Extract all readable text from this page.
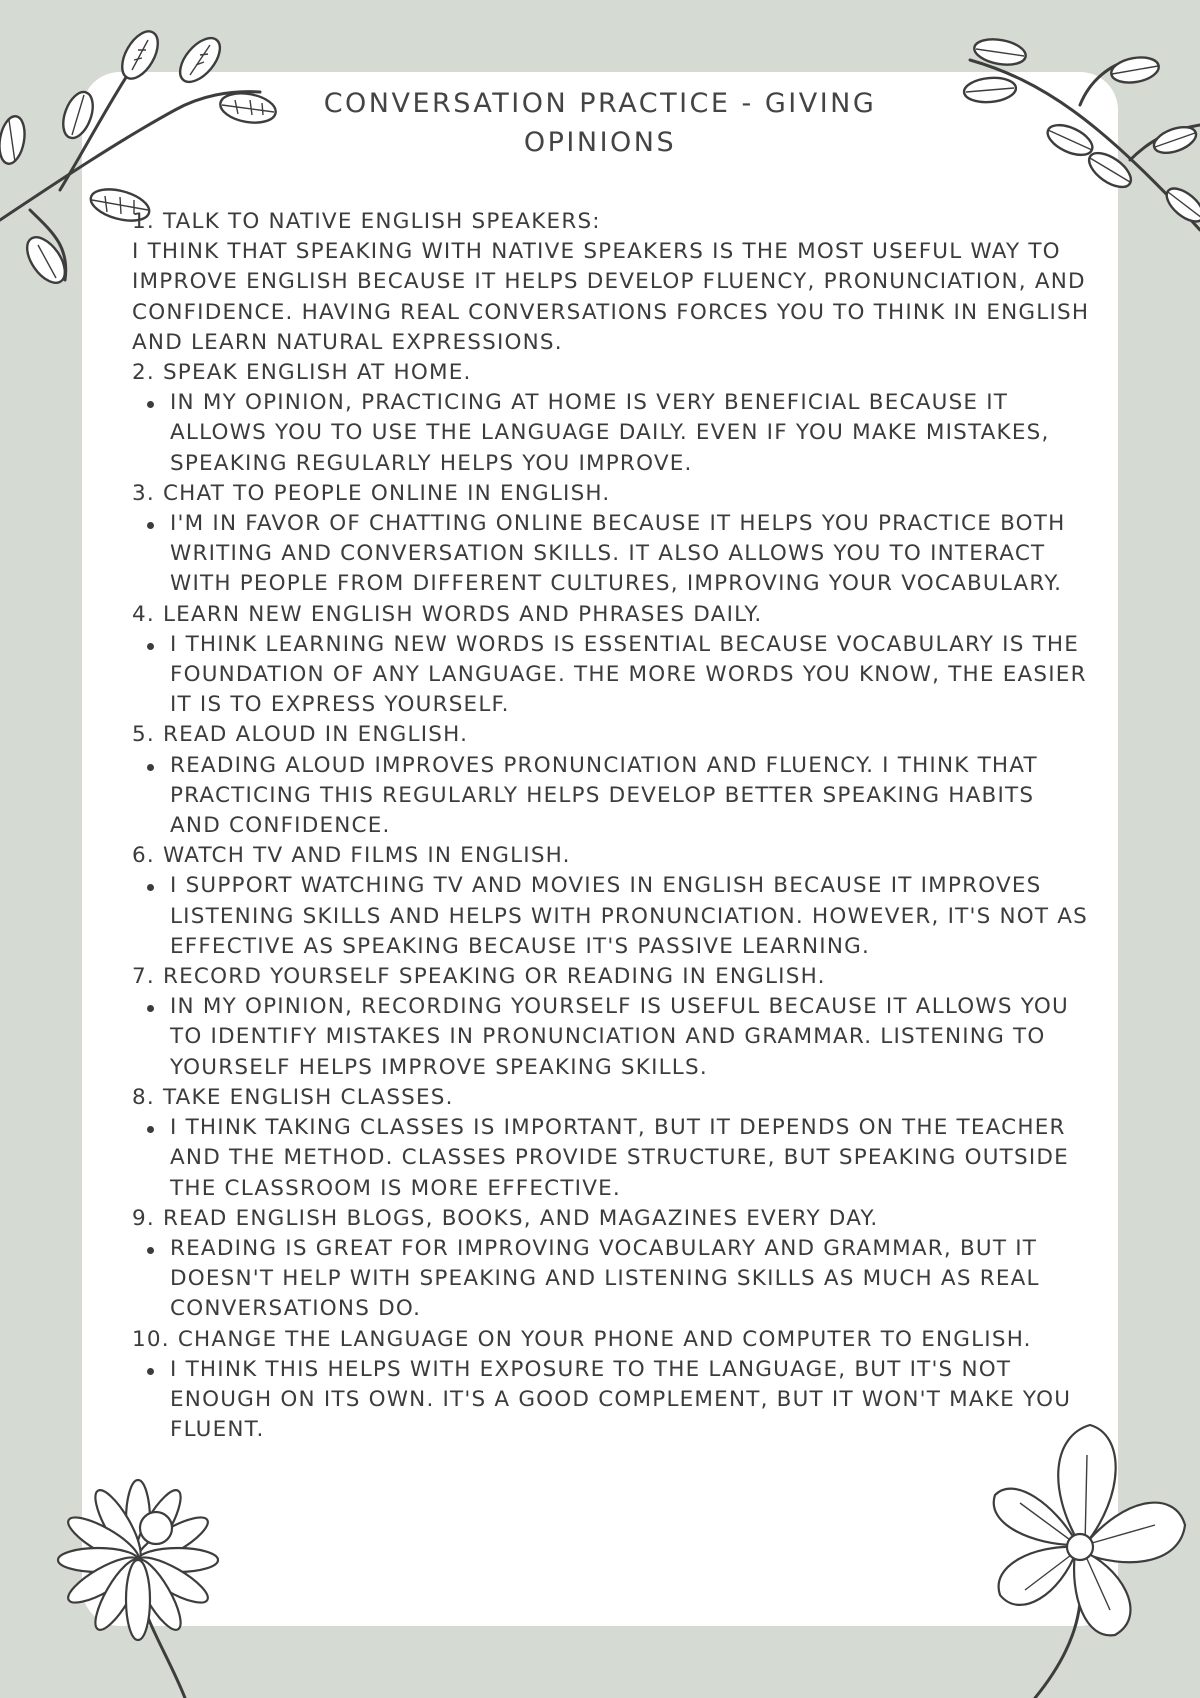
CONVERSATION PRACTICE - GIVING
OPINIONS

1. TALK TO NATIVE ENGLISH SPEAKERS:

I THINK THAT SPEAKING WITH NATIVE SPEAKERS IS THE MOST USEFUL WAY TO IMPROVE ENGLISH BECAUSE IT HELPS DEVELOP FLUENCY, PRONUNCIATION, AND CONFIDENCE. HAVING REAL CONVERSATIONS FORCES YOU TO THINK IN ENGLISH AND LEARN NATURAL EXPRESSIONS.

2. SPEAK ENGLISH AT HOME.

IN MY OPINION, PRACTICING AT HOME IS VERY BENEFICIAL BECAUSE IT ALLOWS YOU TO USE THE LANGUAGE DAILY. EVEN IF YOU MAKE MISTAKES, SPEAKING REGULARLY HELPS YOU IMPROVE.

3. CHAT TO PEOPLE ONLINE IN ENGLISH.

I'M IN FAVOR OF CHATTING ONLINE BECAUSE IT HELPS YOU PRACTICE BOTH WRITING AND CONVERSATION SKILLS. IT ALSO ALLOWS YOU TO INTERACT WITH PEOPLE FROM DIFFERENT CULTURES, IMPROVING YOUR VOCABULARY.

4. LEARN NEW ENGLISH WORDS AND PHRASES DAILY.

I THINK LEARNING NEW WORDS IS ESSENTIAL BECAUSE VOCABULARY IS THE FOUNDATION OF ANY LANGUAGE. THE MORE WORDS YOU KNOW, THE EASIER IT IS TO EXPRESS YOURSELF.

5. READ ALOUD IN ENGLISH.

READING ALOUD IMPROVES PRONUNCIATION AND FLUENCY. I THINK THAT PRACTICING THIS REGULARLY HELPS DEVELOP BETTER SPEAKING HABITS AND CONFIDENCE.

6. WATCH TV AND FILMS IN ENGLISH.

I SUPPORT WATCHING TV AND MOVIES IN ENGLISH BECAUSE IT IMPROVES LISTENING SKILLS AND HELPS WITH PRONUNCIATION. HOWEVER, IT'S NOT AS EFFECTIVE AS SPEAKING BECAUSE IT'S PASSIVE LEARNING.

7. RECORD YOURSELF SPEAKING OR READING IN ENGLISH.

IN MY OPINION, RECORDING YOURSELF IS USEFUL BECAUSE IT ALLOWS YOU TO IDENTIFY MISTAKES IN PRONUNCIATION AND GRAMMAR. LISTENING TO YOURSELF HELPS IMPROVE SPEAKING SKILLS.

8. TAKE ENGLISH CLASSES.

I THINK TAKING CLASSES IS IMPORTANT, BUT IT DEPENDS ON THE TEACHER AND THE METHOD. CLASSES PROVIDE STRUCTURE, BUT SPEAKING OUTSIDE THE CLASSROOM IS MORE EFFECTIVE.

9. READ ENGLISH BLOGS, BOOKS, AND MAGAZINES EVERY DAY.

READING IS GREAT FOR IMPROVING VOCABULARY AND GRAMMAR, BUT IT DOESN'T HELP WITH SPEAKING AND LISTENING SKILLS AS MUCH AS REAL CONVERSATIONS DO.

10. CHANGE THE LANGUAGE ON YOUR PHONE AND COMPUTER TO ENGLISH.

I THINK THIS HELPS WITH EXPOSURE TO THE LANGUAGE, BUT IT'S NOT ENOUGH ON ITS OWN. IT'S A GOOD COMPLEMENT, BUT IT WON'T MAKE YOU FLUENT.
